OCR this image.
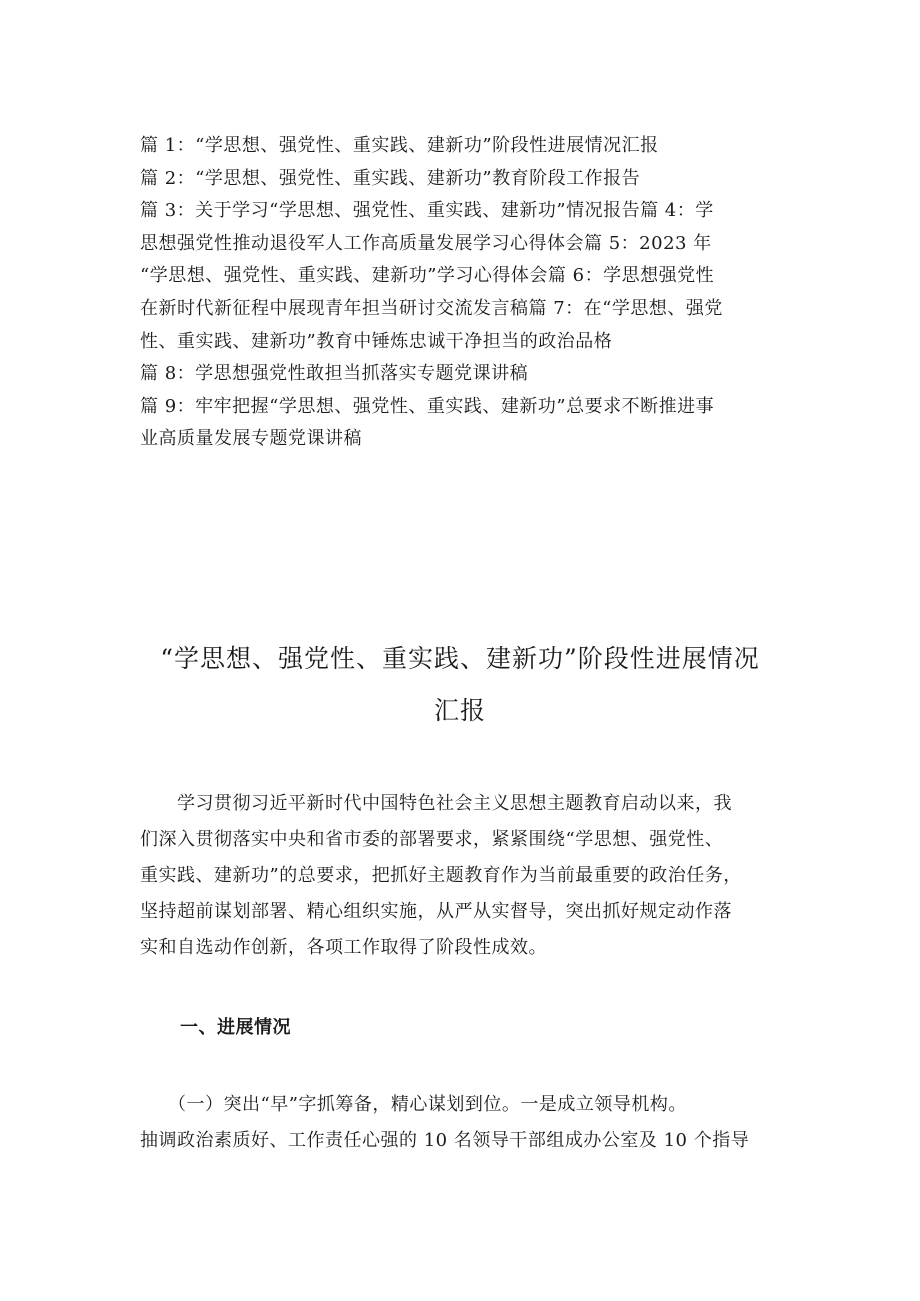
篇 1：“学思想、强党性、重实践、建新功”阶段性进展情况汇报
篇 2：“学思想、强党性、重实践、建新功”教育阶段工作报告
篇 3：关于学习“学思想、强党性、重实践、建新功”情况报告篇 4：学
思想强党性推动退役军人工作高质量发展学习心得体会篇 5：2023 年
“学思想、强党性、重实践、建新功”学习心得体会篇 6：学思想强党性
在新时代新征程中展现青年担当研讨交流发言稿篇 7：在“学思想、强党
性、重实践、建新功”教育中锤炼忠诚干净担当的政治品格
篇 8：学思想强党性敢担当抓落实专题党课讲稿
篇 9：牢牢把握“学思想、强党性、重实践、建新功”总要求不断推进事
业高质量发展专题党课讲稿
“学思想、强党性、重实践、建新功”阶段性进展情况
汇报
　　学习贯彻习近平新时代中国特色社会主义思想主题教育启动以来，我
们深入贯彻落实中央和省市委的部署要求，紧紧围绕“学思想、强党性、
重实践、建新功”的总要求，把抓好主题教育作为当前最重要的政治任务，
坚持超前谋划部署、精心组织实施，从严从实督导，突出抓好规定动作落
实和自选动作创新，各项工作取得了阶段性成效。
一、进展情况
　　（一）突出“早”字抓筹备，精心谋划到位。一是成立领导机构。
抽调政治素质好、工作责任心强的 10 名领导干部组成办公室及 10 个指导
